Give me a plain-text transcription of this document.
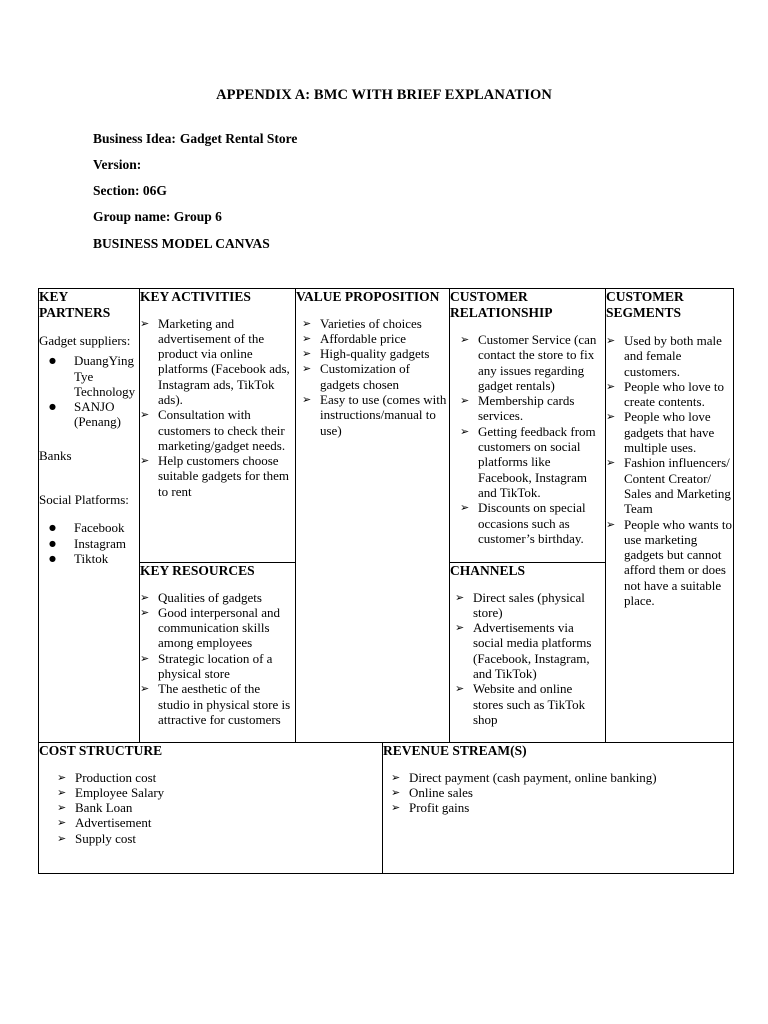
APPENDIX A: BMC WITH BRIEF EXPLANATION
Business Idea: Gadget Rental Store
Version:
Section: 06G
Group name: Group 6
BUSINESS MODEL CANVAS
KEY PARTNERS
Gadget suppliers:
● DuangYing Tye Technology
● SANJO (Penang)
Banks
Social Platforms:
● Facebook
● Instagram
● Tiktok
KEY ACTIVITIES
➢ Marketing and advertisement of the product via online platforms (Facebook ads, Instagram ads, TikTok ads).
➢ Consultation with customers to check their marketing/gadget needs.
➢ Help customers choose suitable gadgets for them to rent
KEY RESOURCES
➢ Qualities of gadgets
➢ Good interpersonal and communication skills among employees
➢ Strategic location of a physical store
➢ The aesthetic of the studio in physical store is attractive for customers
VALUE PROPOSITION
➢ Varieties of choices
➢ Affordable price
➢ High-quality gadgets
➢ Customization of gadgets chosen
➢ Easy to use (comes with instructions/manual to use)
CUSTOMER RELATIONSHIP
➢ Customer Service (can contact the store to fix any issues regarding gadget rentals)
➢ Membership cards services.
➢ Getting feedback from customers on social platforms like Facebook, Instagram and TikTok.
➢ Discounts on special occasions such as customer’s birthday.
CHANNELS
➢ Direct sales (physical store)
➢ Advertisements via social media platforms (Facebook, Instagram, and TikTok)
➢ Website and online stores such as TikTok shop
CUSTOMER SEGMENTS
➢ Used by both male and female customers.
➢ People who love to create contents.
➢ People who love gadgets that have multiple uses.
➢ Fashion influencers/ Content Creator/ Sales and Marketing Team
➢ People who wants to use marketing gadgets but cannot afford them or does not have a suitable place.
COST STRUCTURE
➢ Production cost
➢ Employee Salary
➢ Bank Loan
➢ Advertisement
➢ Supply cost
REVENUE STREAM(S)
➢ Direct payment (cash payment, online banking)
➢ Online sales
➢ Profit gains
